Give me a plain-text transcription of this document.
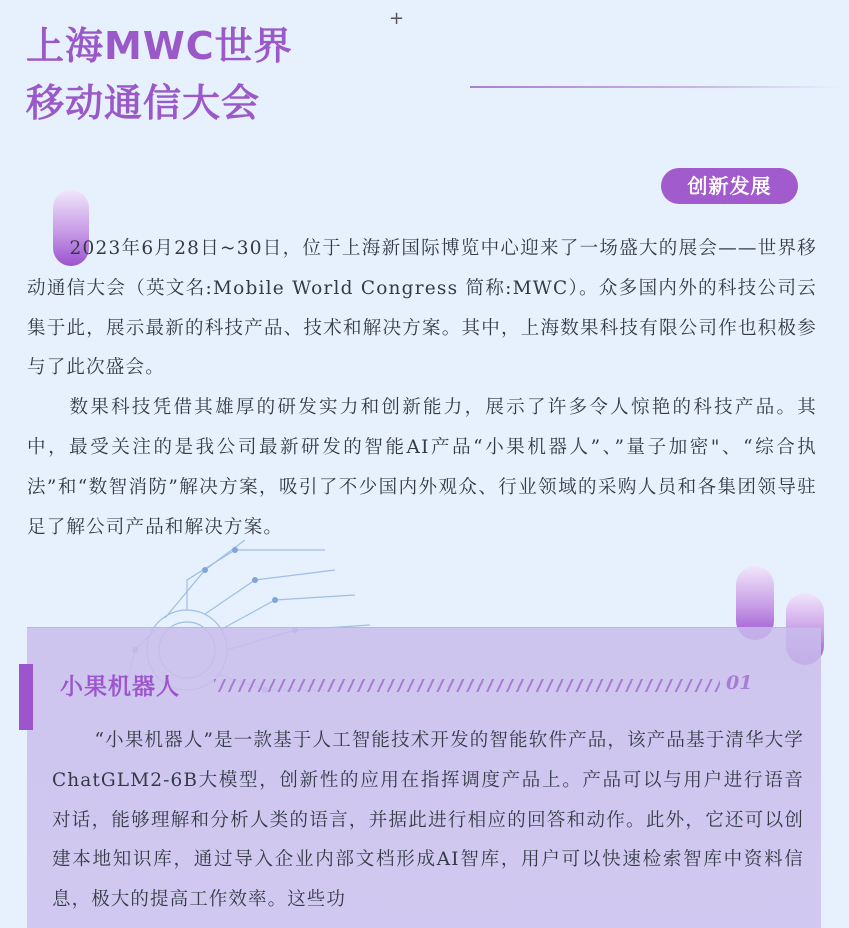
+
上海MWC世界
移动通信大会
创新发展

2023年6月28日~30日，位于上海新国际博览中心迎来了一场盛大的展会——世界移动通信大会（英文名:Mobile World Congress 简称:MWC）。众多国内外的科技公司云集于此，展示最新的科技产品、技术和解决方案。其中，上海数果科技有限公司作也积极参与了此次盛会。

数果科技凭借其雄厚的研发实力和创新能力，展示了许多令人惊艳的科技产品。其中，最受关注的是我公司最新研发的智能AI产品“小果机器人”、”量子加密"、“综合执法”和“数智消防”解决方案，吸引了不少国内外观众、行业领域的采购人员和各集团领导驻足了解公司产品和解决方案。

小果机器人	01

“小果机器人”是一款基于人工智能技术开发的智能软件产品，该产品基于清华大学ChatGLM2-6B大模型，创新性的应用在指挥调度产品上。产品可以与用户进行语音对话，能够理解和分析人类的语言，并据此进行相应的回答和动作。此外，它还可以创建本地知识库，通过导入企业内部文档形成AI智库，用户可以快速检索智库中资料信息，极大的提高工作效率。这些功
